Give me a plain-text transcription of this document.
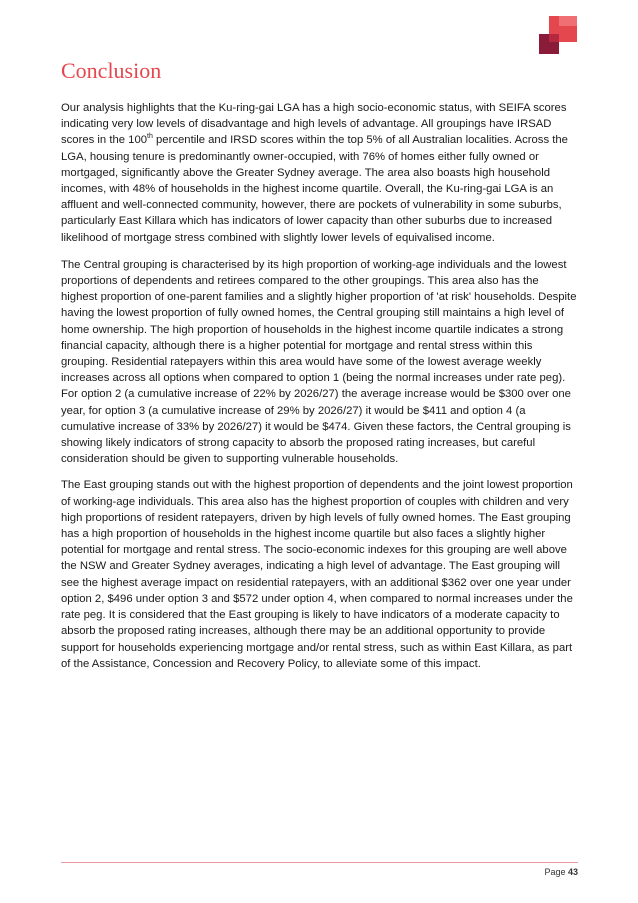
Conclusion

Our analysis highlights that the Ku-ring-gai LGA has a high socio-economic status, with SEIFA scores indicating very low levels of disadvantage and high levels of advantage. All groupings have IRSAD scores in the 100th percentile and IRSD scores within the top 5% of all Australian localities. Across the LGA, housing tenure is predominantly owner-occupied, with 76% of homes either fully owned or mortgaged, significantly above the Greater Sydney average. The area also boasts high household incomes, with 48% of households in the highest income quartile. Overall, the Ku-ring-gai LGA is an affluent and well-connected community, however, there are pockets of vulnerability in some suburbs, particularly East Killara which has indicators of lower capacity than other suburbs due to increased likelihood of mortgage stress combined with slightly lower levels of equivalised income.

The Central grouping is characterised by its high proportion of working-age individuals and the lowest proportions of dependents and retirees compared to the other groupings. This area also has the highest proportion of one-parent families and a slightly higher proportion of 'at risk' households. Despite having the lowest proportion of fully owned homes, the Central grouping still maintains a high level of home ownership. The high proportion of households in the highest income quartile indicates a strong financial capacity, although there is a higher potential for mortgage and rental stress within this grouping. Residential ratepayers within this area would have some of the lowest average weekly increases across all options when compared to option 1 (being the normal increases under rate peg). For option 2 (a cumulative increase of 22% by 2026/27) the average increase would be $300 over one year, for option 3 (a cumulative increase of 29% by 2026/27) it would be $411 and option 4 (a cumulative increase of 33% by 2026/27) it would be $474. Given these factors, the Central grouping is showing likely indicators of strong capacity to absorb the proposed rating increases, but careful consideration should be given to supporting vulnerable households.

The East grouping stands out with the highest proportion of dependents and the joint lowest proportion of working-age individuals. This area also has the highest proportion of couples with children and very high proportions of resident ratepayers, driven by high levels of fully owned homes. The East grouping has a high proportion of households in the highest income quartile but also faces a slightly higher potential for mortgage and rental stress. The socio-economic indexes for this grouping are well above the NSW and Greater Sydney averages, indicating a high level of advantage. The East grouping will see the highest average impact on residential ratepayers, with an additional $362 over one year under option 2, $496 under option 3 and $572 under option 4, when compared to normal increases under the rate peg. It is considered that the East grouping is likely to have indicators of a moderate capacity to absorb the proposed rating increases, although there may be an additional opportunity to provide support for households experiencing mortgage and/or rental stress, such as within East Killara, as part of the Assistance, Concession and Recovery Policy, to alleviate some of this impact.

Page 43
